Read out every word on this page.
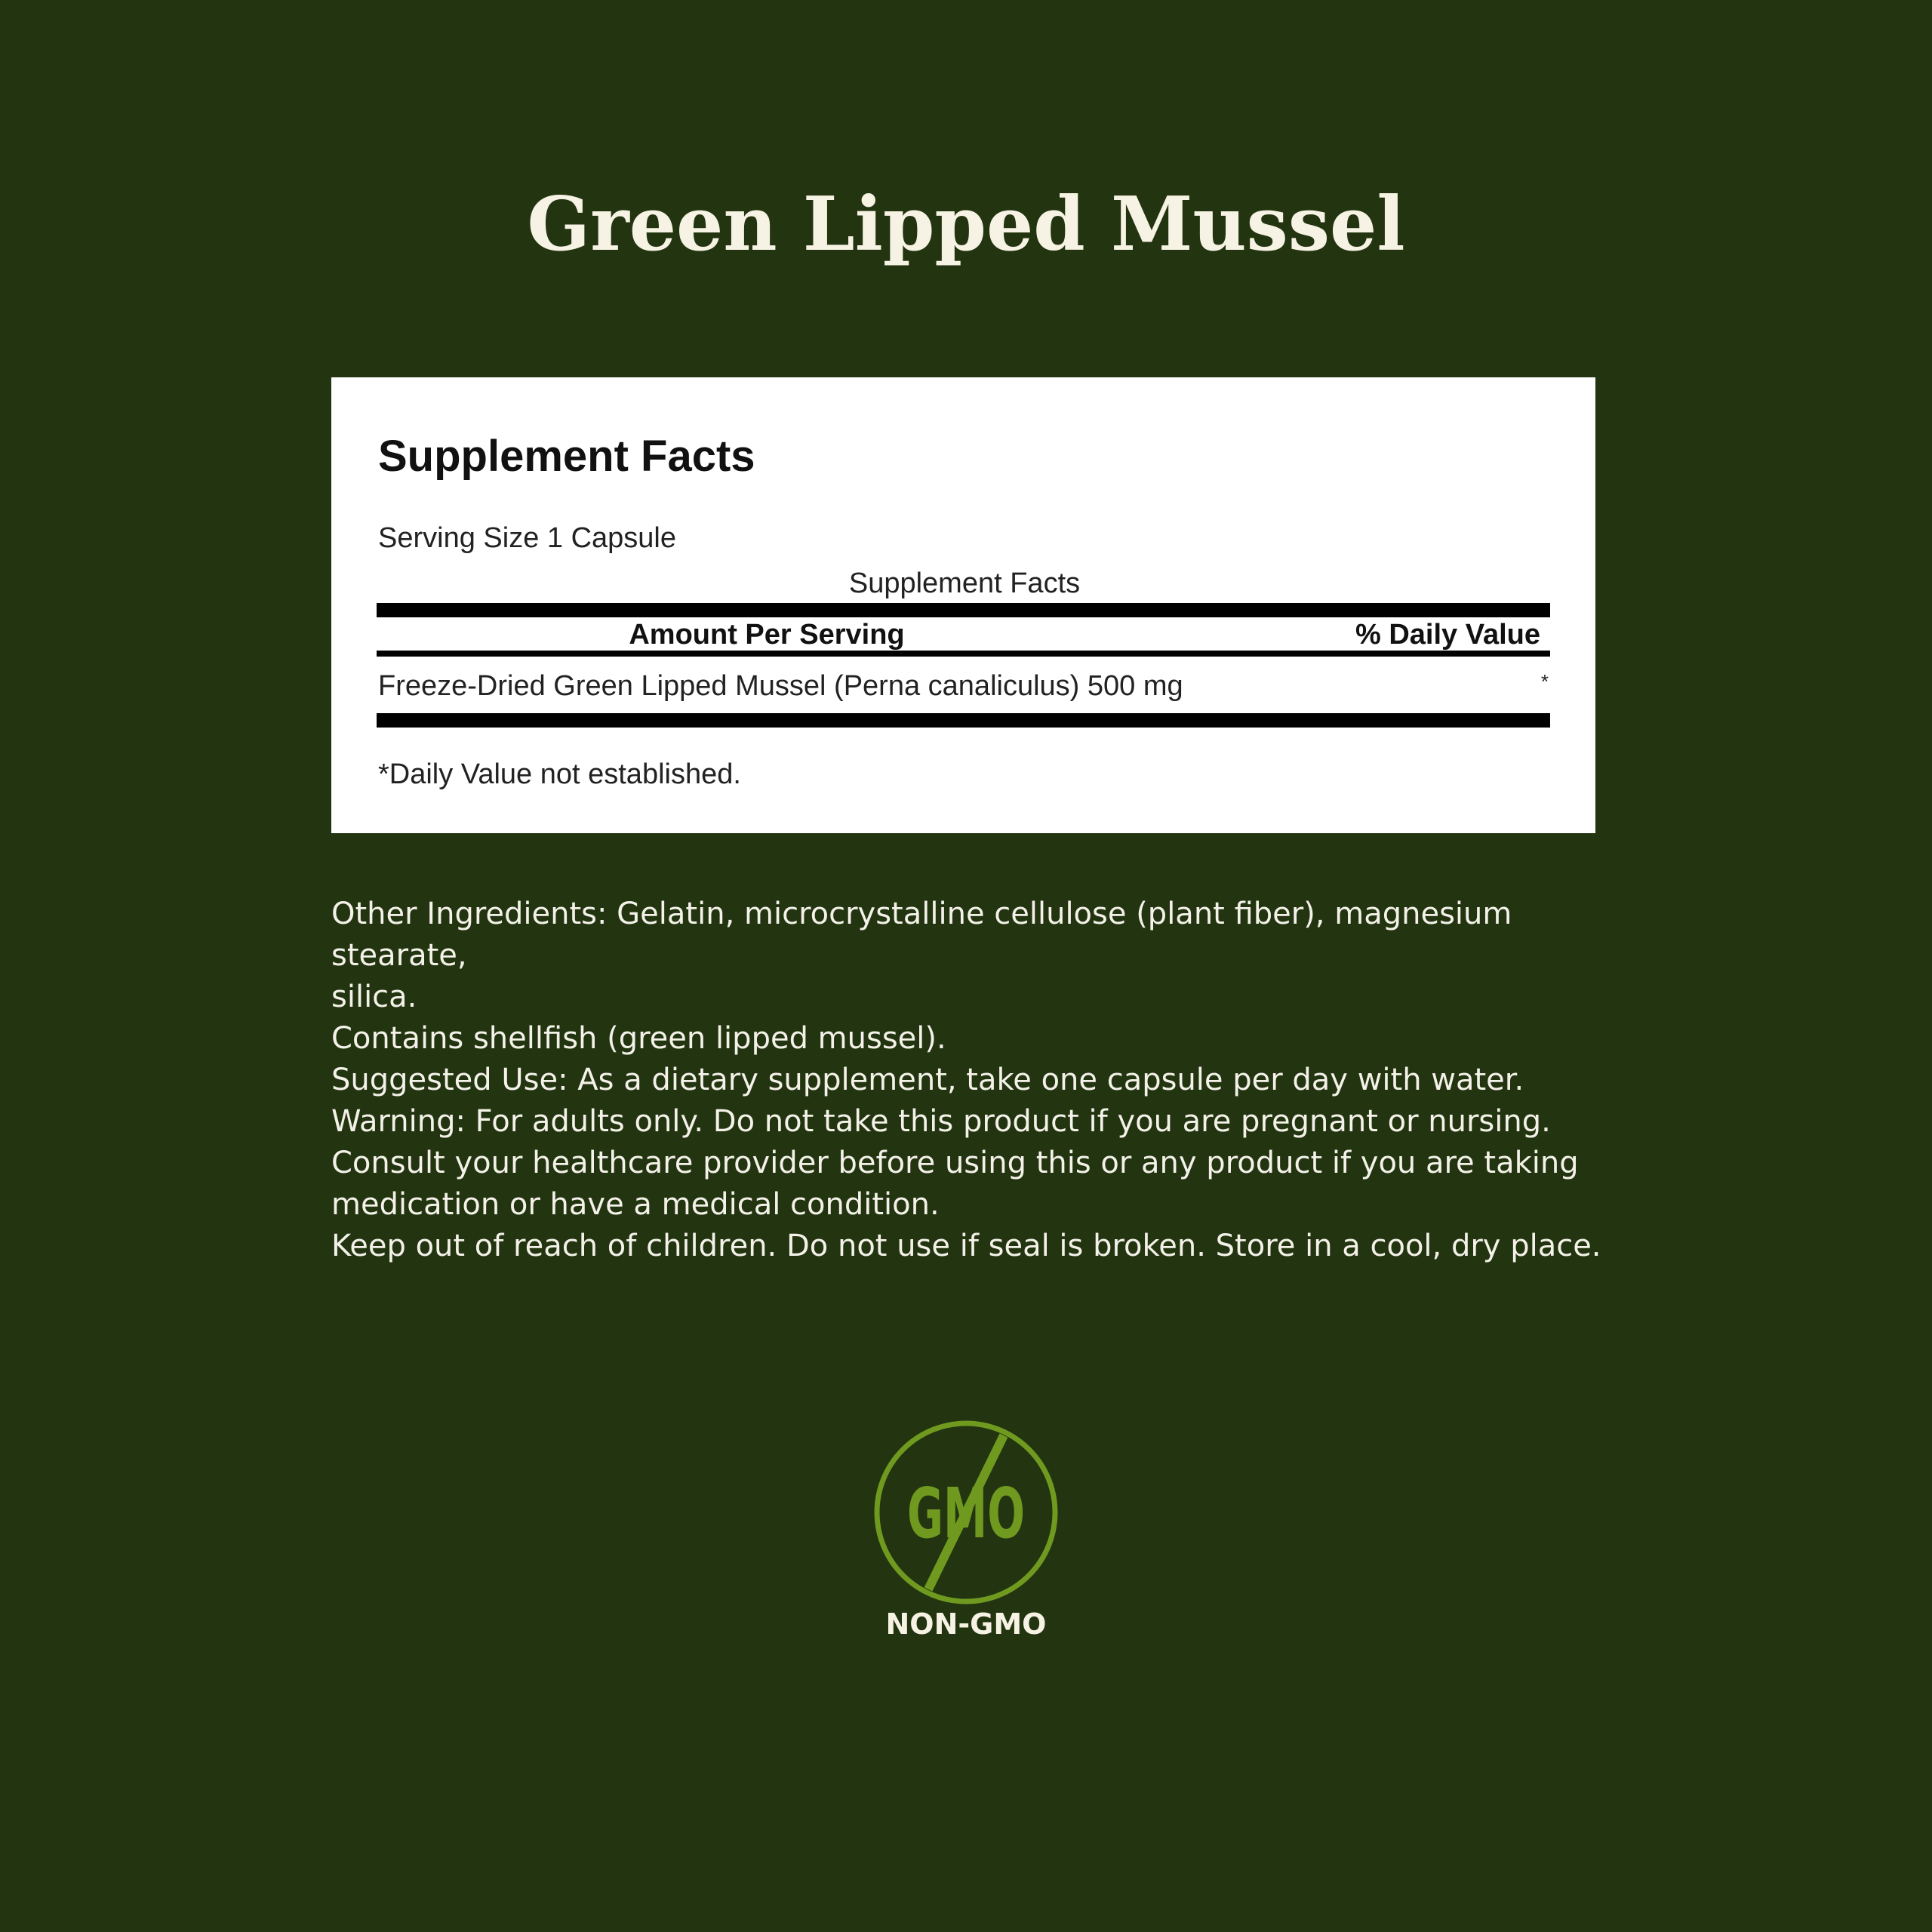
Green Lipped Mussel
Supplement Facts
Serving Size 1 Capsule
Supplement Facts
Amount Per Serving	% Daily Value
Freeze-Dried Green Lipped Mussel (Perna canaliculus) 500 mg	*
*Daily Value not established.
Other Ingredients: Gelatin, microcrystalline cellulose (plant fiber), magnesium stearate,
silica.
Contains shellfish (green lipped mussel).
Suggested Use: As a dietary supplement, take one capsule per day with water.
Warning: For adults only. Do not take this product if you are pregnant or nursing.
Consult your healthcare provider before using this or any product if you are taking
medication or have a medical condition.
Keep out of reach of children. Do not use if seal is broken. Store in a cool, dry place.
GMO
NON-GMO
